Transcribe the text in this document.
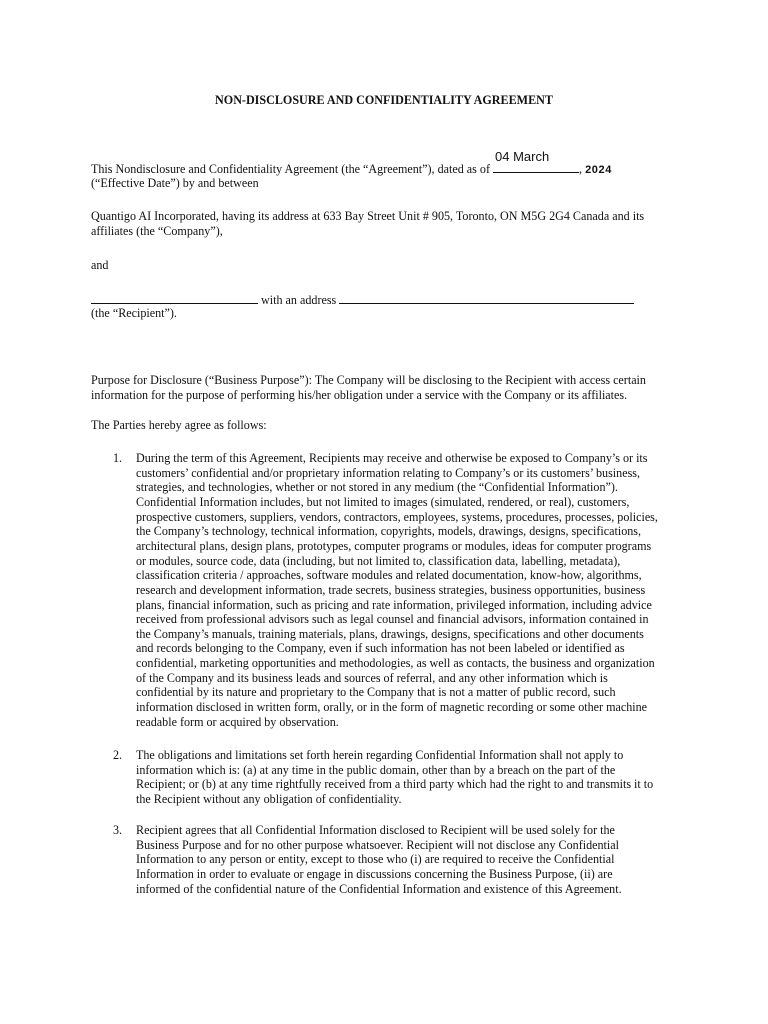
NON-DISCLOSURE AND CONFIDENTIALITY AGREEMENT
This Nondisclosure and Confidentiality Agreement (the “Agreement”), dated as of
04 March
, 2024
(“Effective Date”) by and between
Quantigo AI Incorporated, having its address at 633 Bay Street Unit # 905, Toronto, ON M5G 2G4 Canada and its
affiliates (the “Company”),
and
with an address
(the “Recipient”).
Purpose for Disclosure (“Business Purpose”): The Company will be disclosing to the Recipient with access certain
information for the purpose of performing his/her obligation under a service with the Company or its affiliates.
The Parties hereby agree as follows:
1. During the term of this Agreement, Recipients may receive and otherwise be exposed to Company’s or its
customers’ confidential and/or proprietary information relating to Company’s or its customers’ business,
strategies, and technologies, whether or not stored in any medium (the “Confidential Information”).
Confidential Information includes, but not limited to images (simulated, rendered, or real), customers,
prospective customers, suppliers, vendors, contractors, employees, systems, procedures, processes, policies,
the Company’s technology, technical information, copyrights, models, drawings, designs, specifications,
architectural plans, design plans, prototypes, computer programs or modules, ideas for computer programs
or modules, source code, data (including, but not limited to, classification data, labelling, metadata),
classification criteria / approaches, software modules and related documentation, know-how, algorithms,
research and development information, trade secrets, business strategies, business opportunities, business
plans, financial information, such as pricing and rate information, privileged information, including advice
received from professional advisors such as legal counsel and financial advisors, information contained in
the Company’s manuals, training materials, plans, drawings, designs, specifications and other documents
and records belonging to the Company, even if such information has not been labeled or identified as
confidential, marketing opportunities and methodologies, as well as contacts, the business and organization
of the Company and its business leads and sources of referral, and any other information which is
confidential by its nature and proprietary to the Company that is not a matter of public record, such
information disclosed in written form, orally, or in the form of magnetic recording or some other machine
readable form or acquired by observation.
2. The obligations and limitations set forth herein regarding Confidential Information shall not apply to
information which is: (a) at any time in the public domain, other than by a breach on the part of the
Recipient; or (b) at any time rightfully received from a third party which had the right to and transmits it to
the Recipient without any obligation of confidentiality.
3. Recipient agrees that all Confidential Information disclosed to Recipient will be used solely for the
Business Purpose and for no other purpose whatsoever. Recipient will not disclose any Confidential
Information to any person or entity, except to those who (i) are required to receive the Confidential
Information in order to evaluate or engage in discussions concerning the Business Purpose, (ii) are
informed of the confidential nature of the Confidential Information and existence of this Agreement.
